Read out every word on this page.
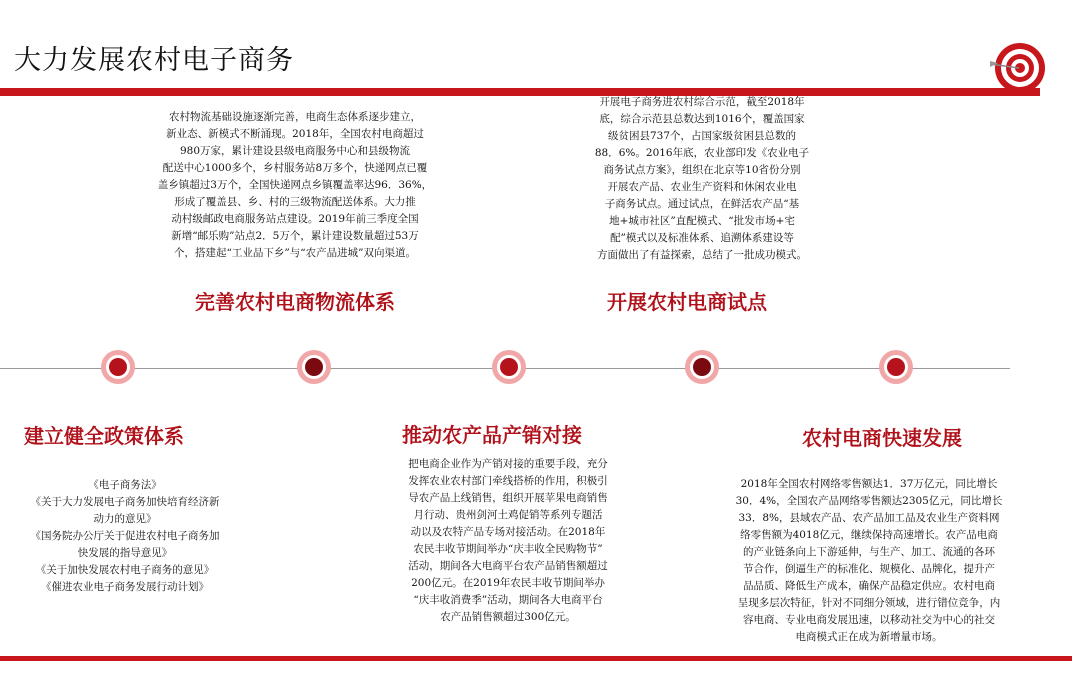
大力发展农村电子商务
农村物流基础设施逐渐完善，电商生态体系逐步建立，
新业态、新模式不断涌现。2018年，全国农村电商超过
980万家，累计建设县级电商服务中心和县级物流
配送中心1000多个，乡村服务站8万多个，快递网点已覆
盖乡镇超过3万个，全国快递网点乡镇覆盖率达96．36%，
形成了覆盖县、乡、村的三级物流配送体系。大力推
动村级邮政电商服务站点建设。2019年前三季度全国
新增“邮乐购”站点2．5万个，累计建设数量超过53万
个，搭建起“工业品下乡”与“农产品进城”双向渠道。
完善农村电商物流体系
开展电子商务进农村综合示范，截至2018年
底，综合示范县总数达到1016个，覆盖国家
级贫困县737个，占国家级贫困县总数的
88．6%。2016年底，农业部印发《农业电子
商务试点方案》，组织在北京等10省份分别
开展农产品、农业生产资料和休闲农业电
子商务试点。通过试点，在鲜活农产品“基
地+城市社区”直配模式、“批发市场+宅
配”模式以及标准体系、追溯体系建设等
方面做出了有益探索，总结了一批成功模式。
开展农村电商试点
建立健全政策体系
《电子商务法》
《关于大力发展电子商务加快培育经济新
动力的意见》
《国务院办公厅关于促进农村电子商务加
快发展的指导意见》
《关于加快发展农村电子商务的意见》
《催进农业电子商务发展行动计划》
推动农产品产销对接
把电商企业作为产销对接的重要手段，充分
发挥农业农村部门牵线搭桥的作用，积极引
导农产品上线销售，组织开展苹果电商销售
月行动、贵州剑河土鸡促销等系列专题活
动以及农特产品专场对接活动。在2018年
农民丰收节期间举办“庆丰收全民购物节”
活动，期间各大电商平台农产品销售额超过
200亿元。在2019年农民丰收节期间举办
“庆丰收消费季”活动，期间各大电商平台
农产品销售额超过300亿元。
农村电商快速发展
2018年全国农村网络零售额达1．37万亿元，同比增长
30．4%，全国农产品网络零售额达2305亿元，同比增长
33．8%，县域农产品、农产品加工品及农业生产资料网
络零售额为4018亿元，继续保持高速增长。农产品电商
的产业链条向上下游延伸，与生产、加工、流通的各环
节合作，倒逼生产的标准化、规模化、品牌化，提升产
品品质、降低生产成本，确保产品稳定供应。农村电商
呈现多层次特征，针对不同细分领域，进行错位竞争，内
容电商、专业电商发展迅速，以移动社交为中心的社交
电商模式正在成为新增量市场。
